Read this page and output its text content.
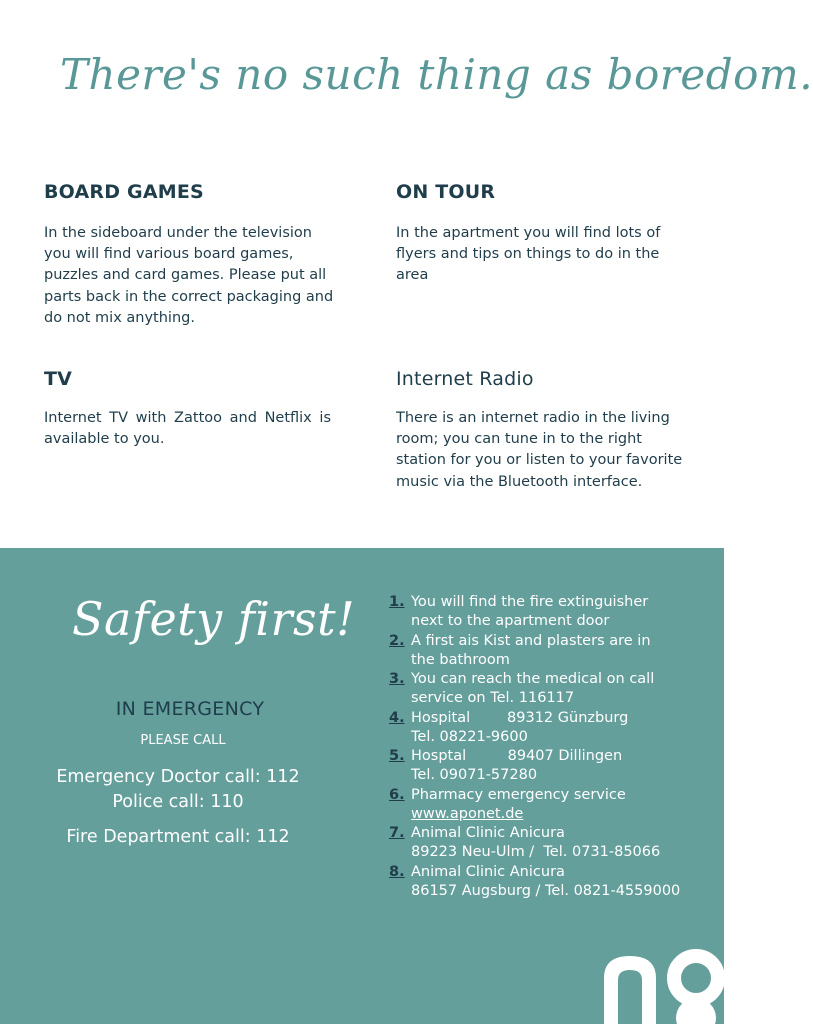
There's no such thing as boredom.
BOARD GAMES
In the sideboard under the television you will find various board games, puzzles and card games. Please put all parts back in the correct packaging and do not mix anything.
ON TOUR
In the apartment you will find lots of flyers and tips on things to do in the area
TV
Internet TV with Zattoo and Netflix is available to you.
Internet Radio
There is an internet radio in the living room; you can tune in to the right station for you or listen to your favorite music via the Bluetooth interface.
Safety first!
IN EMERGENCY
PLEASE CALL
Emergency Doctor call: 112
Police call: 110
Fire Department call: 112
1. You will find the fire extinguisher
next to the apartment door
2. A first ais Kist and plasters are in
the bathroom
3. You can reach the medical on call
service on Tel. 116117
4. Hospital        89312 Günzburg
Tel. 08221-9600
5. Hosptal         89407 Dillingen
Tel. 09071-57280
6. Pharmacy emergency service
www.aponet.de
7. Animal Clinic Anicura
89223 Neu-Ulm /  Tel. 0731-85066
8. Animal Clinic Anicura
86157 Augsburg / Tel. 0821-4559000
